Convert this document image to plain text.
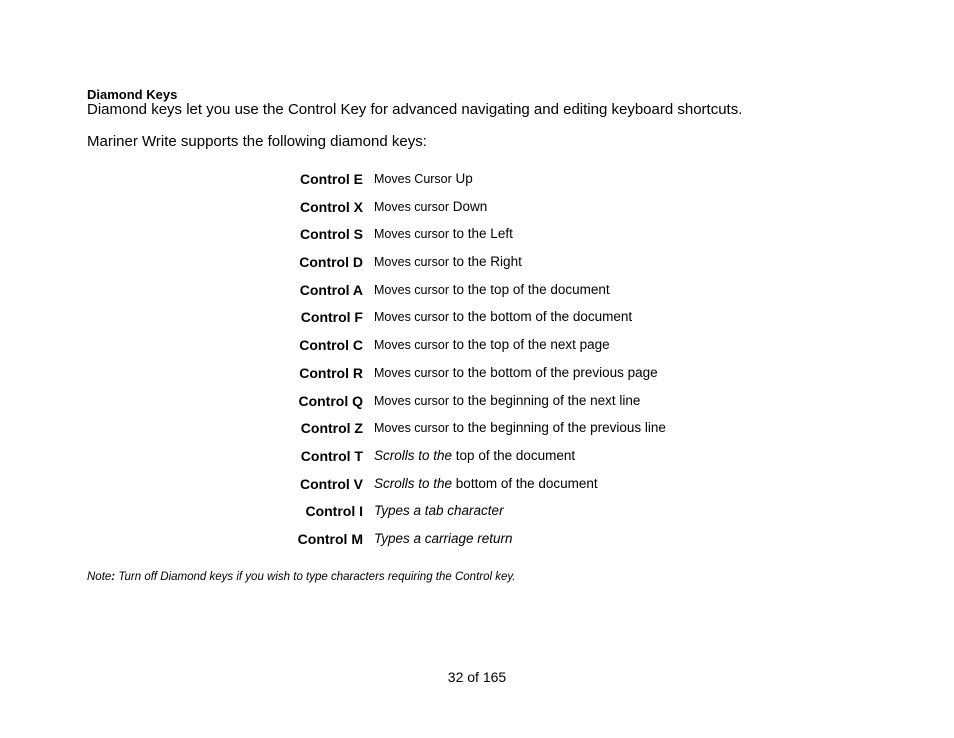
Diamond Keys
Diamond keys let you use the Control Key for advanced navigating and editing keyboard shortcuts.
Mariner Write supports the following diamond keys:
Control E Moves Cursor Up
Control X Moves cursor Down
Control S Moves cursor to the Left
Control D Moves cursor to the Right
Control A Moves cursor to the top of the document
Control F Moves cursor to the bottom of the document
Control C Moves cursor to the top of the next page
Control R Moves cursor to the bottom of the previous page
Control Q Moves cursor to the beginning of the next line
Control Z Moves cursor to the beginning of the previous line
Control T Scrolls to the top of the document
Control V Scrolls to the bottom of the document
Control I Types a tab character
Control M Types a carriage return
Note: Turn off Diamond keys if you wish to type characters requiring the Control key.
32 of 165
